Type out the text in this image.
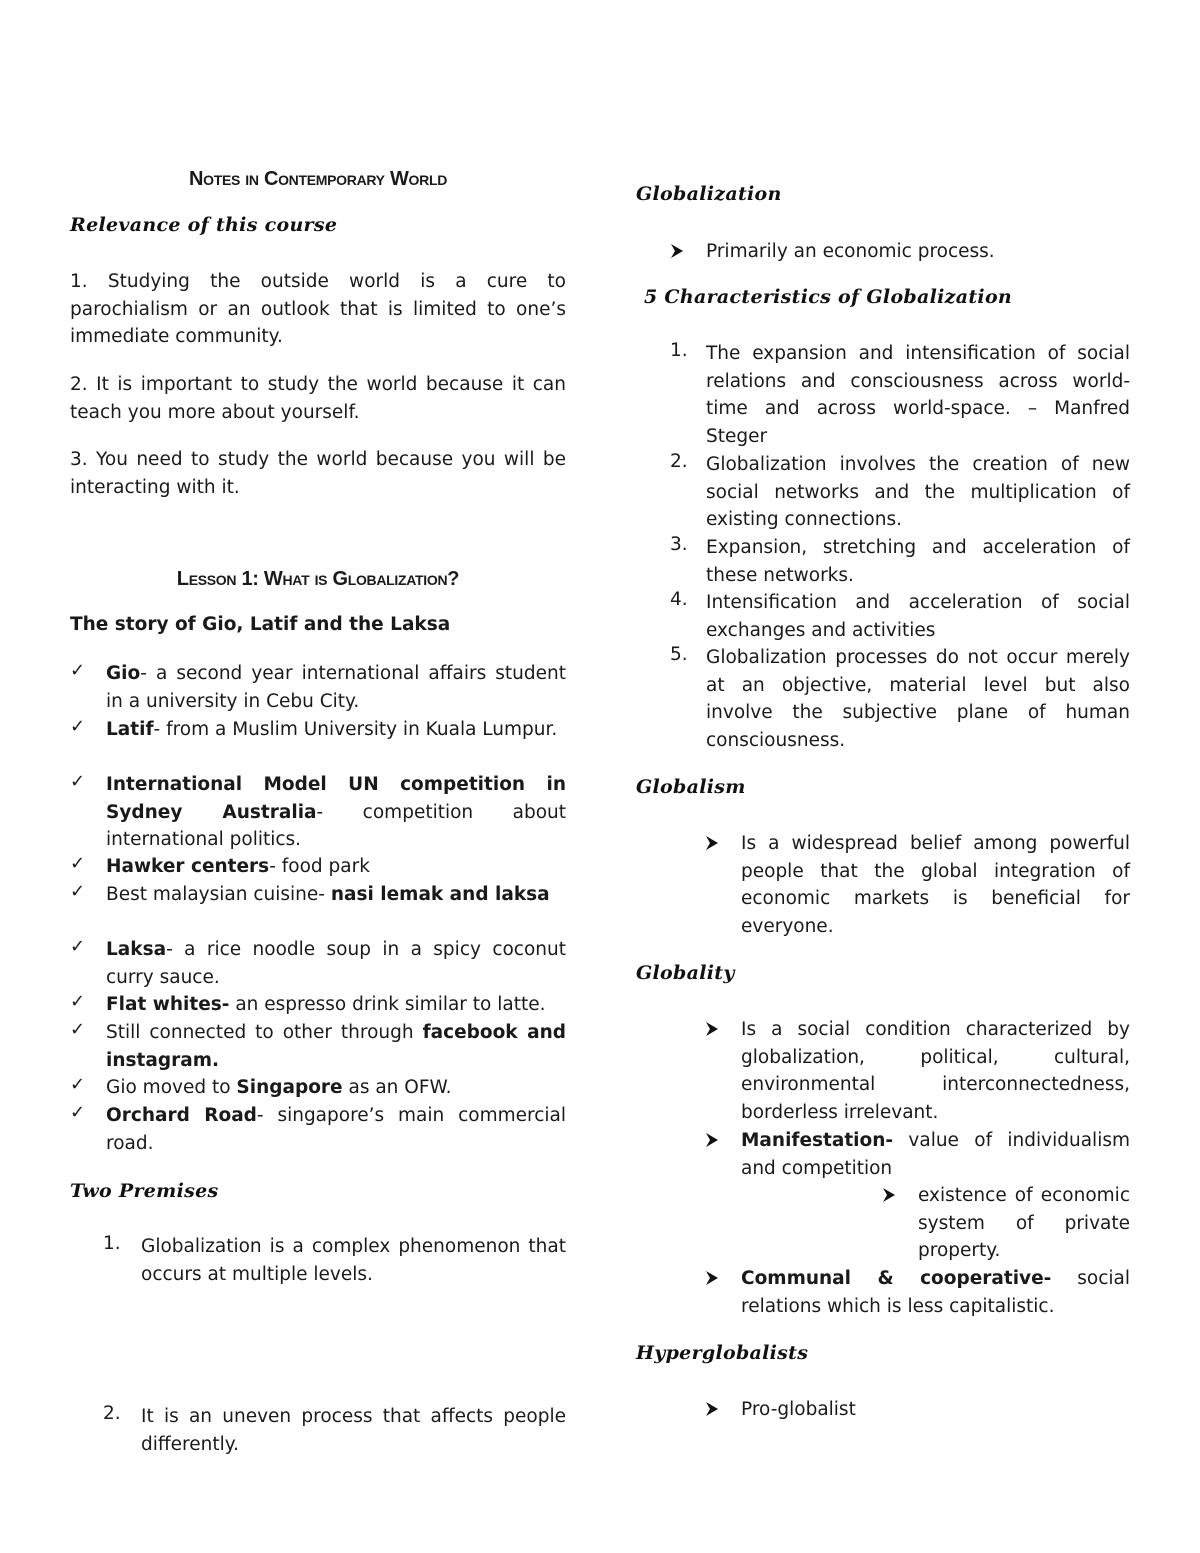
Notes in Contemporary World
Relevance of this course

1. Studying the outside world is a cure to parochialism or an outlook that is limited to one’s immediate community.

2. It is important to study the world because it can teach you more about yourself.

3. You need to study the world because you will be interacting with it.

Lesson 1: What is Globalization?
The story of Gio, Latif and the Laksa
✓ Gio- a second year international affairs student in a university in Cebu City.
✓ Latif- from a Muslim University in Kuala Lumpur.
✓ International Model UN competition in Sydney Australia- competition about international politics.
✓ Hawker centers- food park
✓ Best malaysian cuisine- nasi lemak and laksa
✓ Laksa- a rice noodle soup in a spicy coconut curry sauce.
✓ Flat whites- an espresso drink similar to latte.
✓ Still connected to other through facebook and instagram.
✓ Gio moved to Singapore as an OFW.
✓ Orchard Road- singapore’s main commercial road.
Two Premises
1. Globalization is a complex phenomenon that occurs at multiple levels.
2. It is an uneven process that affects people differently.
Globalization
Primarily an economic process.
5 Characteristics of Globalization
1. The expansion and intensification of social relations and consciousness across world-time and across world-space. – Manfred Steger
2. Globalization involves the creation of new social networks and the multiplication of existing connections.
3. Expansion, stretching and acceleration of these networks.
4. Intensification and acceleration of social exchanges and activities
5. Globalization processes do not occur merely at an objective, material level but also involve the subjective plane of human consciousness.
Globalism
Is a widespread belief among powerful people that the global integration of economic markets is beneficial for everyone.
Globality
Is a social condition characterized by globalization, political, cultural, environmental interconnectedness, borderless irrelevant.
Manifestation- value of individualism and competition
existence of economic system of private property.
Communal & cooperative- social relations which is less capitalistic.
Hyperglobalists
Pro-globalist
